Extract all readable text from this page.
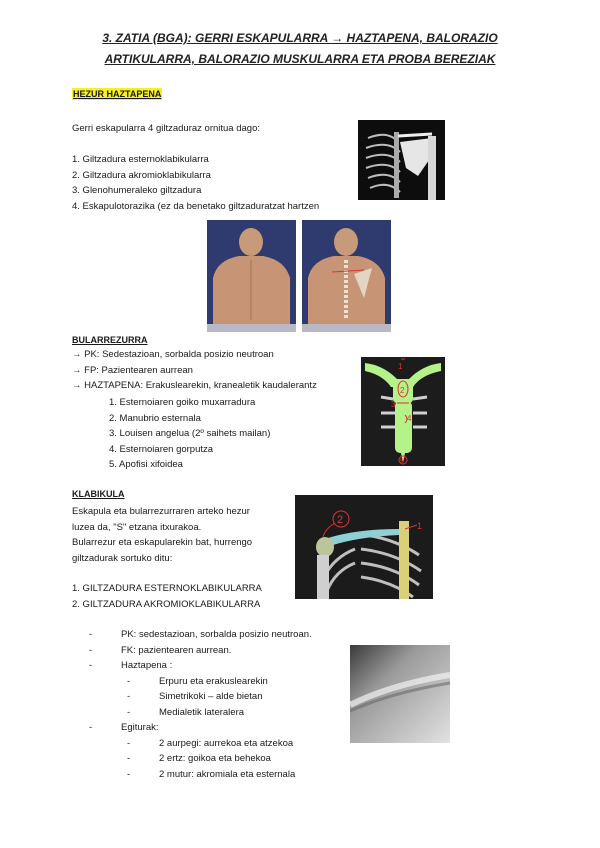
3. ZATIA (BGA): GERRI ESKAPULARRA → HAZTAPENA, BALORAZIO
ARTIKULARRA, BALORAZIO MUSKULARRA ETA PROBA BEREZIAK
HEZUR HAZTAPENA
Gerri eskapularra 4 giltzaduraz ornitua dago:
1. Giltzadura esternoklabikularra
2. Giltzadura akromioklabikularra
3. Glenohumeraleko giltzadura
4. Eskapulotorazika (ez da benetako giltzaduratzat hartzen
BULARREZURRA
→ PK: Sedestazioan, sorbalda posizio neutroan
→ FP: Pazientearen aurrean
→ HAZTAPENA: Erakuslearekin, kranealetik kaudalerantz
1. Esternoiaren goiko muxarradura
2. Manubrio esternala
3. Louisen angelua (2º saihets mailan)
4. Esternoiaren gorputza
5. Apofisi xifoidea
1
2
3
4
5
KLABIKULA
Eskapula eta bularrezurraren arteko hezur
luzea da, "S" etzana itxurakoa.
Bularrezur eta eskapularekin bat, hurrengo
giltzadurak sortuko ditu:
1. GILTZADURA ESTERNOKLABIKULARRA
2. GILTZADURA AKROMIOKLABIKULARRA
2	1
-	PK: sedestazioan, sorbalda posizio neutroan.
-	FK: pazientearen aurrean.
-	Haztapena :
-	Erpuru eta erakuslearekin
-	Simetrikoki – alde bietan
-	Medialetik lateralera
-	Egiturak:
-	2 aurpegi: aurrekoa eta atzekoa
-	2 ertz: goikoa eta behekoa
-	2 mutur: akromiala eta esternala
